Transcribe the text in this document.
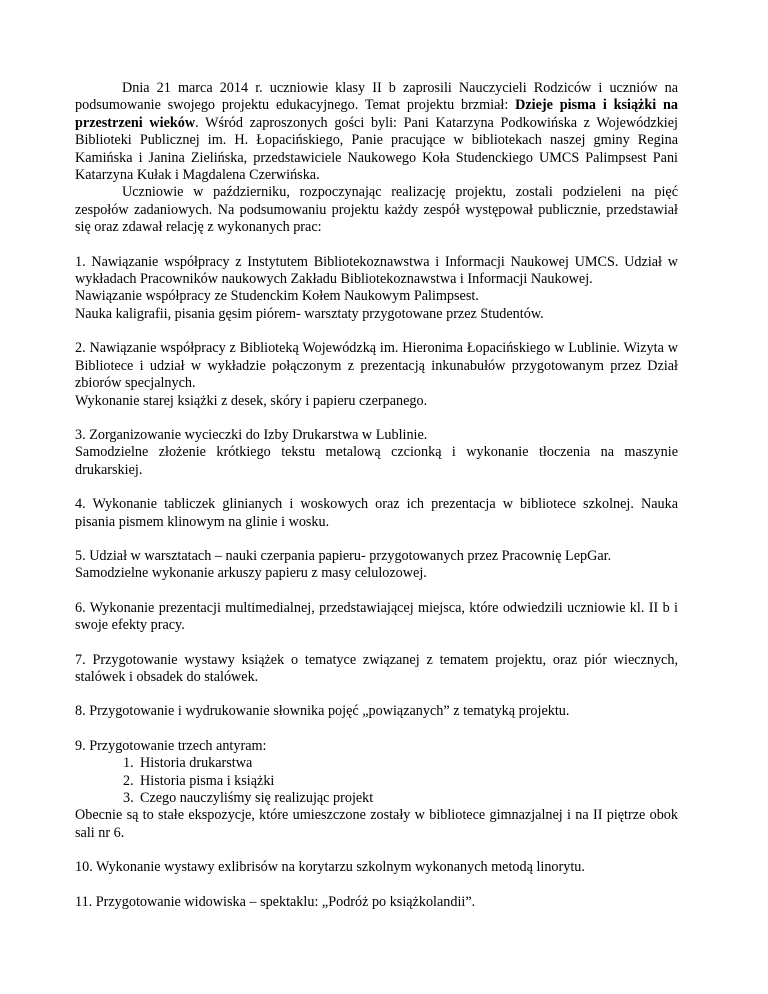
Dnia 21 marca 2014 r. uczniowie klasy II b zaprosili Nauczycieli Rodziców i uczniów na podsumowanie swojego projektu edukacyjnego. Temat projektu brzmiał: Dzieje pisma i książki na przestrzeni wieków. Wśród zaproszonych gości byli: Pani Katarzyna Podkowińska z Wojewódzkiej Biblioteki Publicznej im. H. Łopacińskiego, Panie pracujące w bibliotekach naszej gminy Regina Kamińska i Janina Zielińska, przedstawiciele Naukowego Koła Studenckiego UMCS Palimpsest Pani Katarzyna Kułak i Magdalena Czerwińska.

Uczniowie w październiku, rozpoczynając realizację projektu, zostali podzieleni na pięć zespołów zadaniowych. Na podsumowaniu projektu każdy zespół występował publicznie, przedstawiał się oraz zdawał relację z wykonanych prac:

1. Nawiązanie współpracy z Instytutem Bibliotekoznawstwa i Informacji Naukowej UMCS. Udział w wykładach Pracowników naukowych Zakładu Bibliotekoznawstwa i Informacji Naukowej.

Nawiązanie współpracy ze Studenckim Kołem Naukowym Palimpsest.

Nauka kaligrafii, pisania gęsim piórem- warsztaty przygotowane przez Studentów.

2. Nawiązanie współpracy z Biblioteką Wojewódzką im. Hieronima Łopacińskiego w Lublinie. Wizyta w Bibliotece i udział w wykładzie połączonym z prezentacją inkunabułów przygotowanym przez Dział zbiorów specjalnych.

Wykonanie starej książki z desek, skóry i papieru czerpanego.

3. Zorganizowanie wycieczki do Izby Drukarstwa w Lublinie.

Samodzielne złożenie krótkiego tekstu metalową czcionką i wykonanie tłoczenia na maszynie drukarskiej.

4. Wykonanie tabliczek glinianych i woskowych oraz ich prezentacja w bibliotece szkolnej. Nauka pisania pismem klinowym na glinie i wosku.

5. Udział w warsztatach – nauki czerpania papieru- przygotowanych przez Pracownię LepGar.

Samodzielne wykonanie arkuszy papieru z masy celulozowej.

6. Wykonanie prezentacji multimedialnej, przedstawiającej miejsca, które odwiedzili uczniowie kl. II b i swoje efekty pracy.

7. Przygotowanie wystawy książek o tematyce związanej z tematem projektu, oraz piór wiecznych, stalówek i obsadek do stalówek.

8. Przygotowanie i wydrukowanie słownika pojęć „powiązanych” z tematyką projektu.

9. Przygotowanie trzech antyram:

1. Historia drukarstwa
2. Historia pisma i książki
3. Czego nauczyliśmy się realizując projekt

Obecnie są to stałe ekspozycje, które umieszczone zostały w bibliotece gimnazjalnej i na II piętrze obok sali nr 6.

10. Wykonanie wystawy exlibrisów na korytarzu szkolnym wykonanych metodą linorytu.

11. Przygotowanie widowiska – spektaklu: „Podróż po książkolandii”.
